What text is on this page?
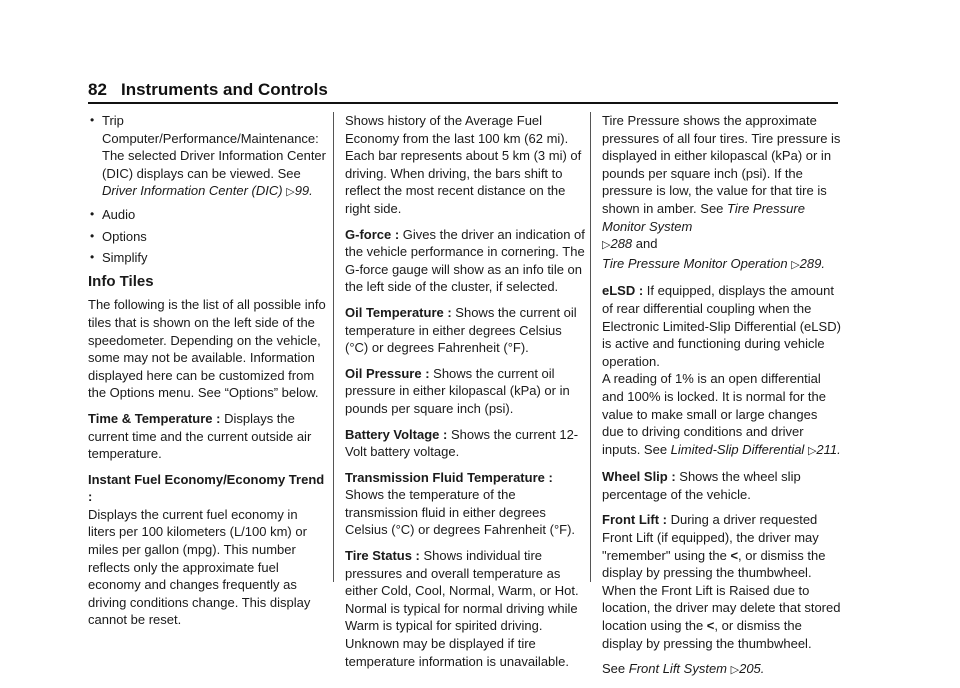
82 Instruments and Controls
• Trip Computer/Performance/Maintenance: The selected Driver Information Center (DIC) displays can be viewed. See Driver Information Center (DIC) ▷99.
• Audio
• Options
• Simplify
Info Tiles

The following is the list of all possible info tiles that is shown on the left side of the speedometer. Depending on the vehicle, some may not be available. Information displayed here can be customized from the Options menu. See “Options” below.

Time & Temperature : Displays the current time and the current outside air temperature.

Instant Fuel Economy/Economy Trend :
Displays the current fuel economy in liters per 100 kilometers (L/100 km) or miles per gallon (mpg). This number reflects only the approximate fuel economy and changes frequently as driving conditions change. This display cannot be reset.

Shows history of the Average Fuel Economy from the last 100 km (62 mi). Each bar represents about 5 km (3 mi) of driving. When driving, the bars shift to reflect the most recent distance on the right side.

G-force : Gives the driver an indication of the vehicle performance in cornering. The G-force gauge will show as an info tile on the left side of the cluster, if selected.

Oil Temperature : Shows the current oil temperature in either degrees Celsius (°C) or degrees Fahrenheit (°F).

Oil Pressure : Shows the current oil pressure in either kilopascal (kPa) or in pounds per square inch (psi).

Battery Voltage : Shows the current 12-Volt battery voltage.

Transmission Fluid Temperature : Shows the temperature of the transmission fluid in either degrees Celsius (°C) or degrees Fahrenheit (°F).

Tire Status : Shows individual tire pressures and overall temperature as either Cold, Cool, Normal, Warm, or Hot. Normal is typical for normal driving while Warm is typical for spirited driving. Unknown may be displayed if tire temperature information is unavailable.

Tire Pressure shows the approximate pressures of all four tires. Tire pressure is displayed in either kilopascal (kPa) or in pounds per square inch (psi). If the pressure is low, the value for that tire is shown in amber. See Tire Pressure Monitor System
▷288 and
Tire Pressure Monitor Operation ▷289.

eLSD : If equipped, displays the amount of rear differential coupling when the Electronic Limited-Slip Differential (eLSD) is active and functioning during vehicle operation.

A reading of 1% is an open differential and 100% is locked. It is normal for the value to make small or large changes due to driving conditions and driver inputs. See Limited-Slip Differential ▷211.

Wheel Slip : Shows the wheel slip percentage of the vehicle.

Front Lift : During a driver requested Front Lift (if equipped), the driver may "remember" using the <, or dismiss the display by pressing the thumbwheel. When the Front Lift is Raised due to location, the driver may delete that stored location using the <, or dismiss the display by pressing the thumbwheel.

See Front Lift System ▷205.
